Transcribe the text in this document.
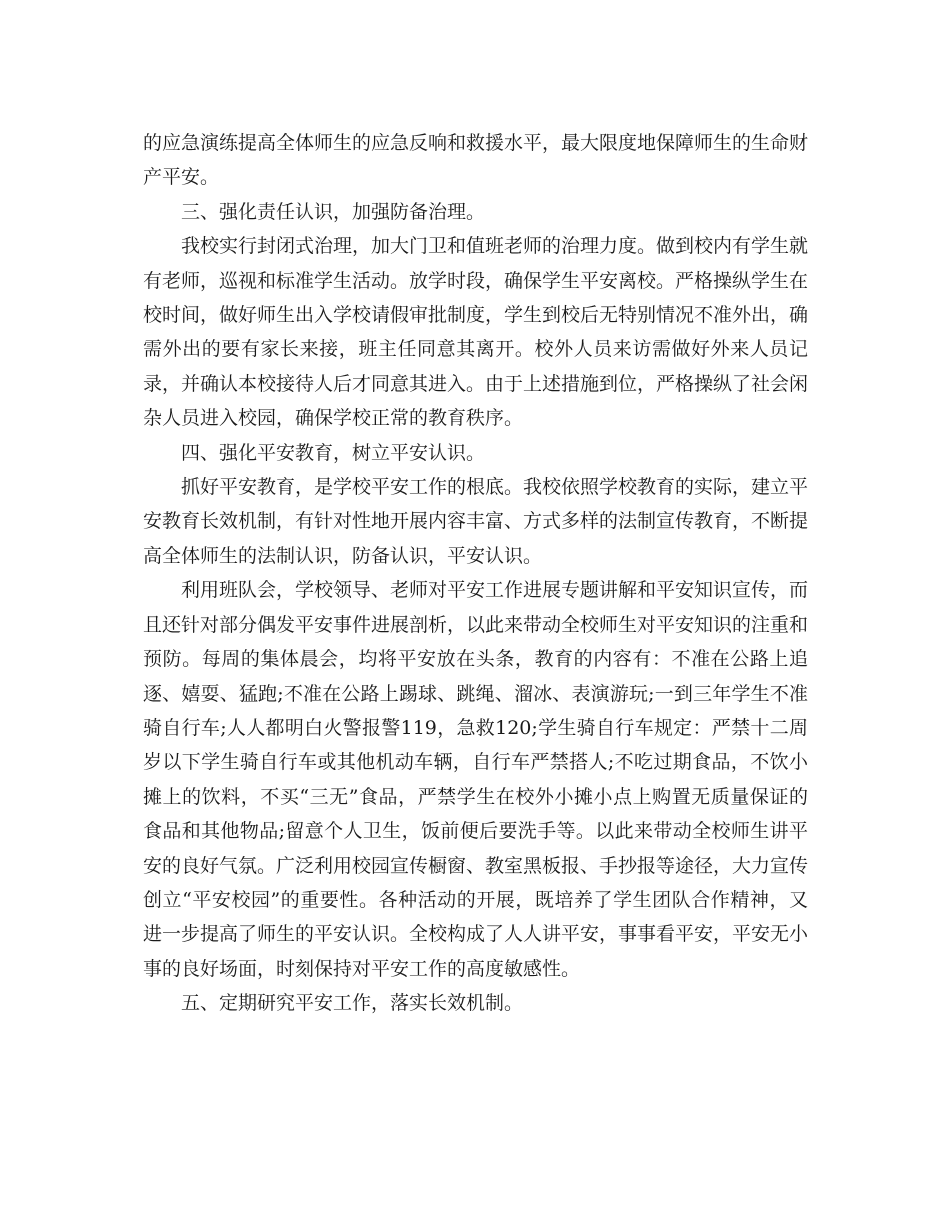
的应急演练提高全体师生的应急反响和救援水平，最大限度地保障师生的生命财产平安。

三、强化责任认识，加强防备治理。

我校实行封闭式治理，加大门卫和值班老师的治理力度。做到校内有学生就有老师，巡视和标准学生活动。放学时段，确保学生平安离校。严格操纵学生在校时间，做好师生出入学校请假审批制度，学生到校后无特别情况不准外出，确需外出的要有家长来接，班主任同意其离开。校外人员来访需做好外来人员记录，并确认本校接待人后才同意其进入。由于上述措施到位，严格操纵了社会闲杂人员进入校园，确保学校正常的教育秩序。

四、强化平安教育，树立平安认识。

抓好平安教育，是学校平安工作的根底。我校依照学校教育的实际，建立平安教育长效机制，有针对性地开展内容丰富、方式多样的法制宣传教育，不断提高全体师生的法制认识，防备认识，平安认识。

利用班队会，学校领导、老师对平安工作进展专题讲解和平安知识宣传，而且还针对部分偶发平安事件进展剖析，以此来带动全校师生对平安知识的注重和预防。每周的集体晨会，均将平安放在头条，教育的内容有：不准在公路上追逐、嬉耍、猛跑;不准在公路上踢球、跳绳、溜冰、表演游玩;一到三年学生不准骑自行车;人人都明白火警报警119，急救120;学生骑自行车规定：严禁十二周岁以下学生骑自行车或其他机动车辆，自行车严禁搭人;不吃过期食品，不饮小摊上的饮料，不买“三无”食品，严禁学生在校外小摊小点上购置无质量保证的食品和其他物品;留意个人卫生，饭前便后要洗手等。以此来带动全校师生讲平安的良好气氛。广泛利用校园宣传橱窗、教室黑板报、手抄报等途径，大力宣传创立“平安校园”的重要性。各种活动的开展，既培养了学生团队合作精神，又进一步提高了师生的平安认识。全校构成了人人讲平安，事事看平安，平安无小事的良好场面，时刻保持对平安工作的高度敏感性。

五、定期研究平安工作，落实长效机制。
